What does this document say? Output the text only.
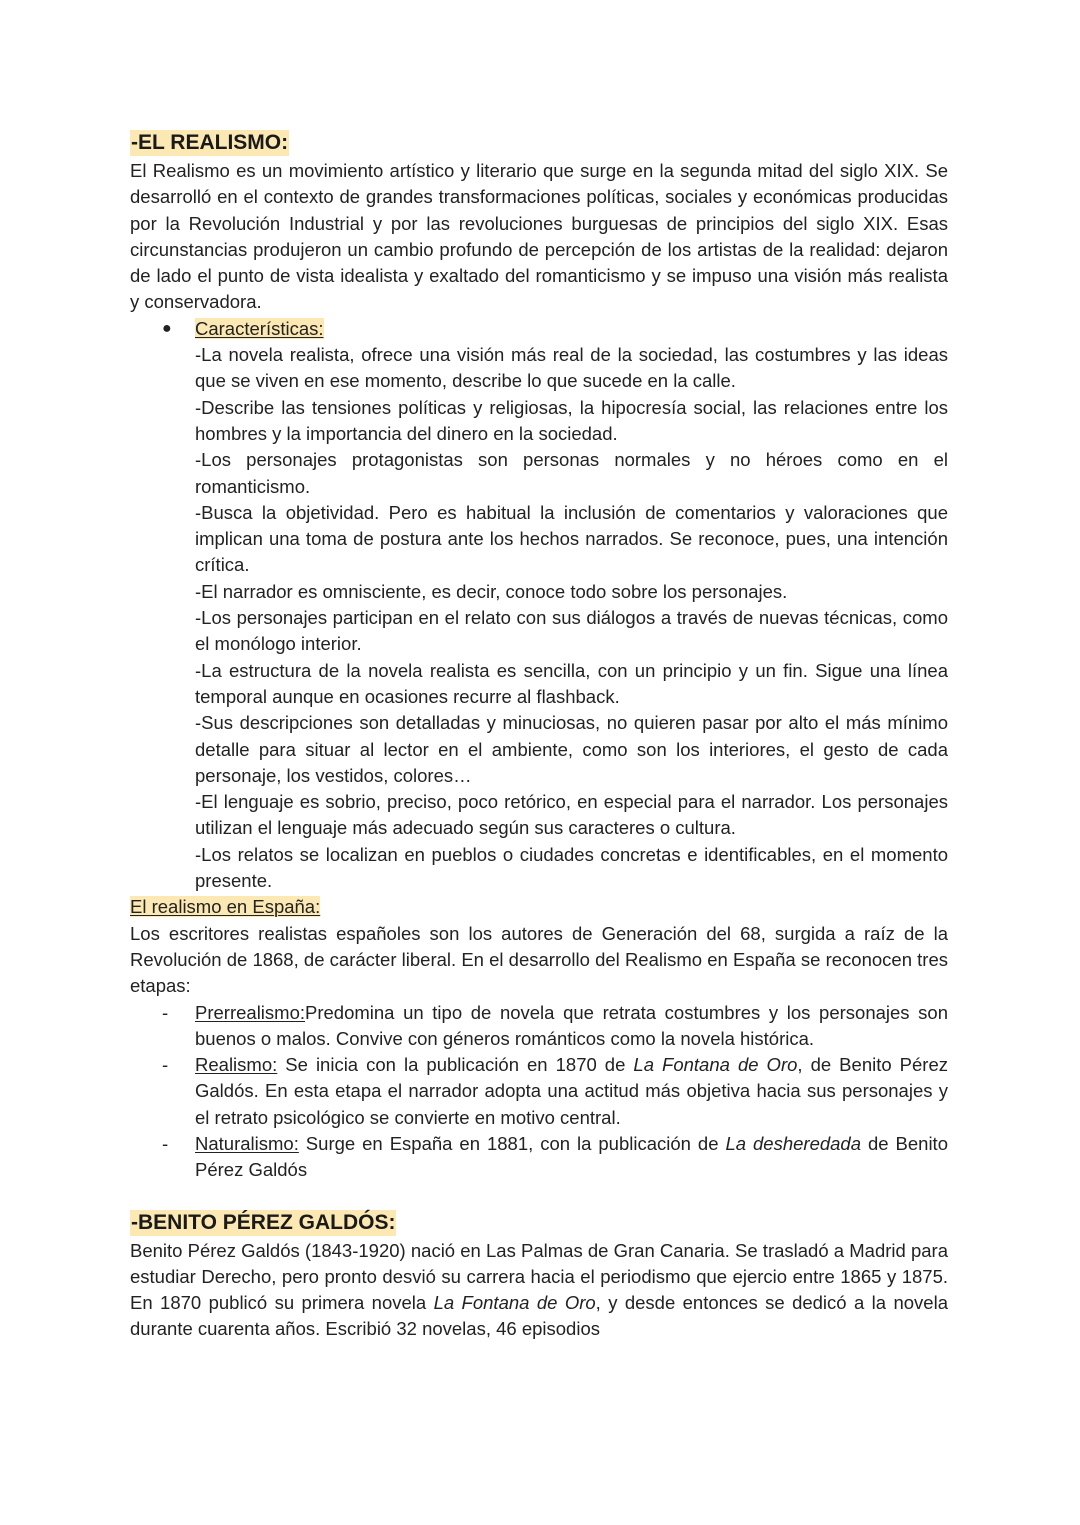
-EL REALISMO:

El Realismo es un movimiento artístico y literario que surge en la segunda mitad del siglo XIX. Se desarrolló en el contexto de grandes transformaciones políticas, sociales y económicas producidas por la Revolución Industrial y por las revoluciones burguesas de principios del siglo XIX. Esas circunstancias produjeron un cambio profundo de percepción de los artistas de la realidad: dejaron de lado el punto de vista idealista y exaltado del romanticismo y se impuso una visión más realista y conservadora.

● Características:

-La novela realista, ofrece una visión más real de la sociedad, las costumbres y las ideas que se viven en ese momento, describe lo que sucede en la calle.

-Describe las tensiones políticas y religiosas, la hipocresía social, las relaciones entre los hombres y la importancia del dinero en la sociedad.

-Los personajes protagonistas son personas normales y no héroes como en el romanticismo.

-Busca la objetividad. Pero es habitual la inclusión de comentarios y valoraciones que implican una toma de postura ante los hechos narrados. Se reconoce, pues, una intención crítica.

-El narrador es omnisciente, es decir, conoce todo sobre los personajes.

-Los personajes participan en el relato con sus diálogos a través de nuevas técnicas, como el monólogo interior.

-La estructura de la novela realista es sencilla, con un principio y un fin. Sigue una línea temporal aunque en ocasiones recurre al flashback.

-Sus descripciones son detalladas y minuciosas, no quieren pasar por alto el más mínimo detalle para situar al lector en el ambiente, como son los interiores, el gesto de cada personaje, los vestidos, colores…

-El lenguaje es sobrio, preciso, poco retórico, en especial para el narrador. Los personajes utilizan el lenguaje más adecuado según sus caracteres o cultura.

-Los relatos se localizan en pueblos o ciudades concretas e identificables, en el momento presente.

El realismo en España:

Los escritores realistas españoles son los autores de Generación del 68, surgida a raíz de la Revolución de 1868, de carácter liberal. En el desarrollo del Realismo en España se reconocen tres etapas:

- Prerrealismo:Predomina un tipo de novela que retrata costumbres y los personajes son buenos o malos. Convive con géneros románticos como la novela histórica.

- Realismo: Se inicia con la publicación en 1870 de La Fontana de Oro, de Benito Pérez Galdós. En esta etapa el narrador adopta una actitud más objetiva hacia sus personajes y el retrato psicológico se convierte en motivo central.

- Naturalismo: Surge en España en 1881, con la publicación de La desheredada de Benito Pérez Galdós

-BENITO PÉREZ GALDÓS:

Benito Pérez Galdós (1843-1920) nació en Las Palmas de Gran Canaria. Se trasladó a Madrid para estudiar Derecho, pero pronto desvió su carrera hacia el periodismo que ejercio entre 1865 y 1875. En 1870 publicó su primera novela La Fontana de Oro, y desde entonces se dedicó a la novela durante cuarenta años. Escribió 32 novelas, 46 episodios
